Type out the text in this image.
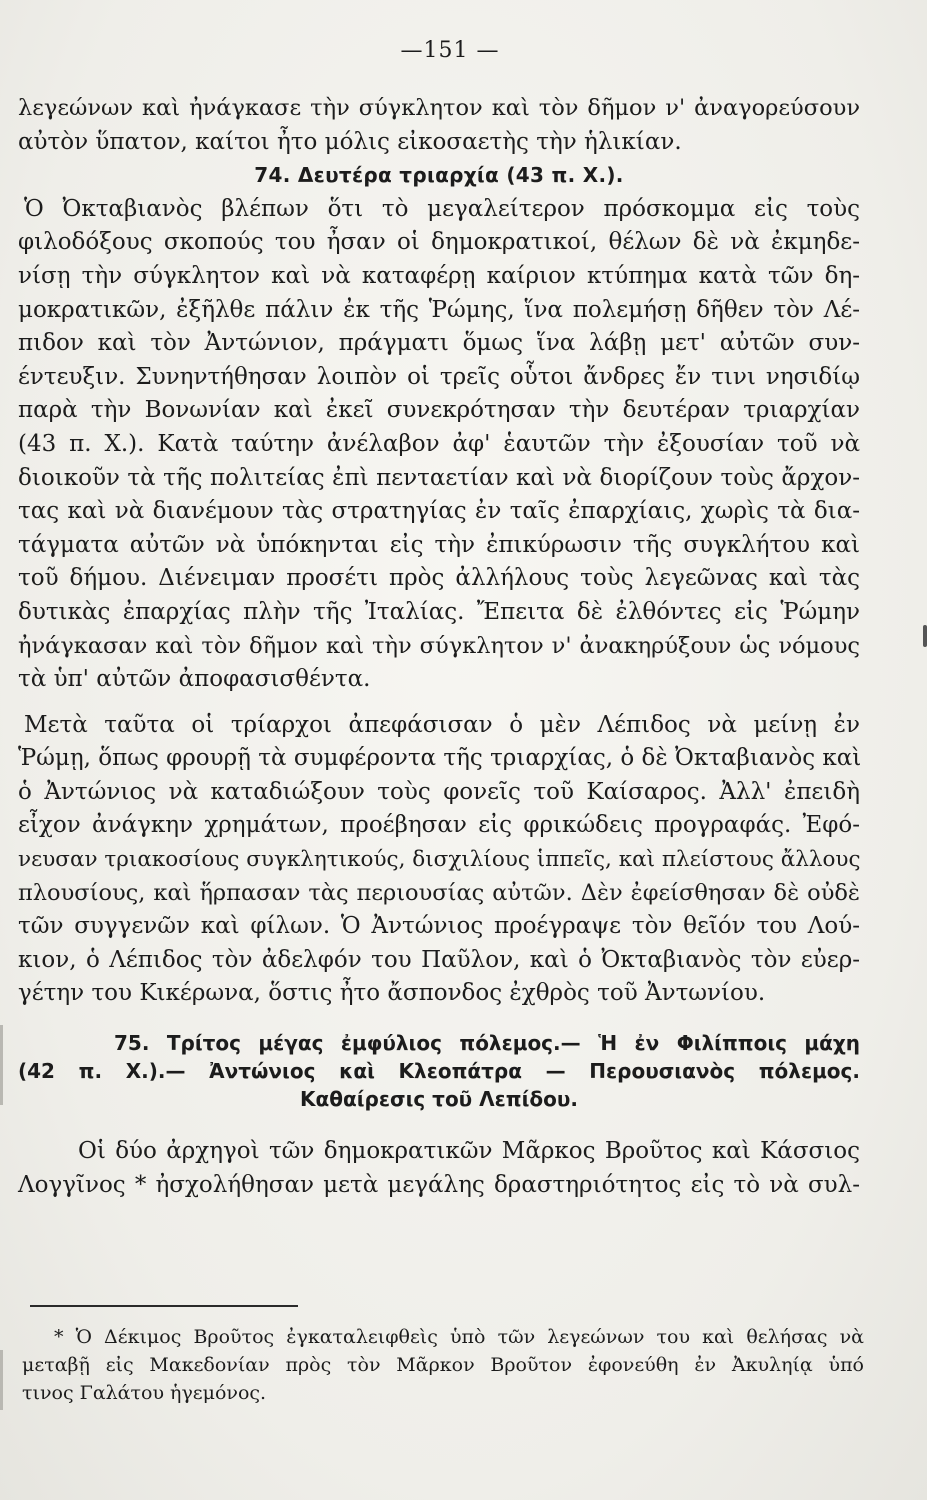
—151 —
λεγεώνων καὶ ἠνάγκασε τὴν σύγκλητον καὶ τὸν δῆμον ν' ἀναγορεύσουν
αὐτὸν ὕπατον, καίτοι ἦτο μόλις εἰκοσαετὴς τὴν ἡλικίαν.
74. Δευτέρα τριαρχία (43 π. Χ.).
Ὁ Ὀκταβιανὸς βλέπων ὅτι τὸ μεγαλείτερον πρόσκομμα εἰς τοὺς
φιλοδόξους σκοπούς του ἦσαν οἱ δημοκρατικοί, θέλων δὲ νὰ ἐκμηδε-
νίσῃ τὴν σύγκλητον καὶ νὰ καταφέρῃ καίριον κτύπημα κατὰ τῶν δη-
μοκρατικῶν, ἐξῆλθε πάλιν ἐκ τῆς Ῥώμης, ἵνα πολεμήσῃ δῆθεν τὸν Λέ-
πιδον καὶ τὸν Ἀντώνιον, πράγματι ὅμως ἵνα λάβῃ μετ' αὐτῶν συν-
έντευξιν. Συνηντήθησαν λοιπὸν οἱ τρεῖς οὗτοι ἄνδρες ἔν τινι νησιδίῳ
παρὰ τὴν Βονωνίαν καὶ ἐκεῖ συνεκρότησαν τὴν δευτέραν τριαρχίαν
(43 π. Χ.). Κατὰ ταύτην ἀνέλαβον ἀφ' ἑαυτῶν τὴν ἐξουσίαν τοῦ νὰ
διοικοῦν τὰ τῆς πολιτείας ἐπὶ πενταετίαν καὶ νὰ διορίζουν τοὺς ἄρχον-
τας καὶ νὰ διανέμουν τὰς στρατηγίας ἐν ταῖς ἐπαρχίαις, χωρὶς τὰ δια-
τάγματα αὐτῶν νὰ ὑπόκηνται εἰς τὴν ἐπικύρωσιν τῆς συγκλήτου καὶ
τοῦ δήμου. Διένειμαν προσέτι πρὸς ἀλλήλους τοὺς λεγεῶνας καὶ τὰς
δυτικὰς ἐπαρχίας πλὴν τῆς Ἰταλίας. Ἔπειτα δὲ ἐλθόντες εἰς Ῥώμην
ἠνάγκασαν καὶ τὸν δῆμον καὶ τὴν σύγκλητον ν' ἀνακηρύξουν ὡς νόμους
τὰ ὑπ' αὐτῶν ἀποφασισθέντα.
Μετὰ ταῦτα οἱ τρίαρχοι ἀπεφάσισαν ὁ μὲν Λέπιδος νὰ μείνῃ ἐν
Ῥώμῃ, ὅπως φρουρῇ τὰ συμφέροντα τῆς τριαρχίας, ὁ δὲ Ὀκταβιανὸς καὶ
ὁ Ἀντώνιος νὰ καταδιώξουν τοὺς φονεῖς τοῦ Καίσαρος. Ἀλλ' ἐπειδὴ
εἶχον ἀνάγκην χρημάτων, προέβησαν εἰς φρικώδεις προγραφάς. Ἐφό-
νευσαν τριακοσίους συγκλητικούς, δισχιλίους ἱππεῖς, καὶ πλείστους ἄλλους
πλουσίους, καὶ ἥρπασαν τὰς περιουσίας αὐτῶν. Δὲν ἐφείσθησαν δὲ οὐδὲ
τῶν συγγενῶν καὶ φίλων. Ὁ Ἀντώνιος προέγραψε τὸν θεῖόν του Λού-
κιον, ὁ Λέπιδος τὸν ἀδελφόν του Παῦλον, καὶ ὁ Ὀκταβιανὸς τὸν εὐερ-
γέτην του Κικέρωνα, ὅστις ἦτο ἄσπονδος ἐχθρὸς τοῦ Ἀντωνίου.
75. Τρίτος μέγας ἐμφύλιος πόλεμος.— Ἡ ἐν Φιλίπποις μάχη
(42 π. Χ.).— Ἀντώνιος καὶ Κλεοπάτρα — Περουσιανὸς πόλεμος.
Καθαίρεσις τοῦ Λεπίδου.
Οἱ δύο ἀρχηγοὶ τῶν δημοκρατικῶν Μᾶρκος Βροῦτος καὶ Κάσσιος
Λογγῖνος * ἠσχολήθησαν μετὰ μεγάλης δραστηριότητος εἰς τὸ νὰ συλ-
* Ὁ Δέκιμος Βροῦτος ἐγκαταλειφθεὶς ὑπὸ τῶν λεγεώνων του καὶ θελήσας νὰ
μεταβῇ εἰς Μακεδονίαν πρὸς τὸν Μᾶρκον Βροῦτον ἐφονεύθη ἐν Ἀκυληίᾳ ὑπό
τινος Γαλάτου ἡγεμόνος.
